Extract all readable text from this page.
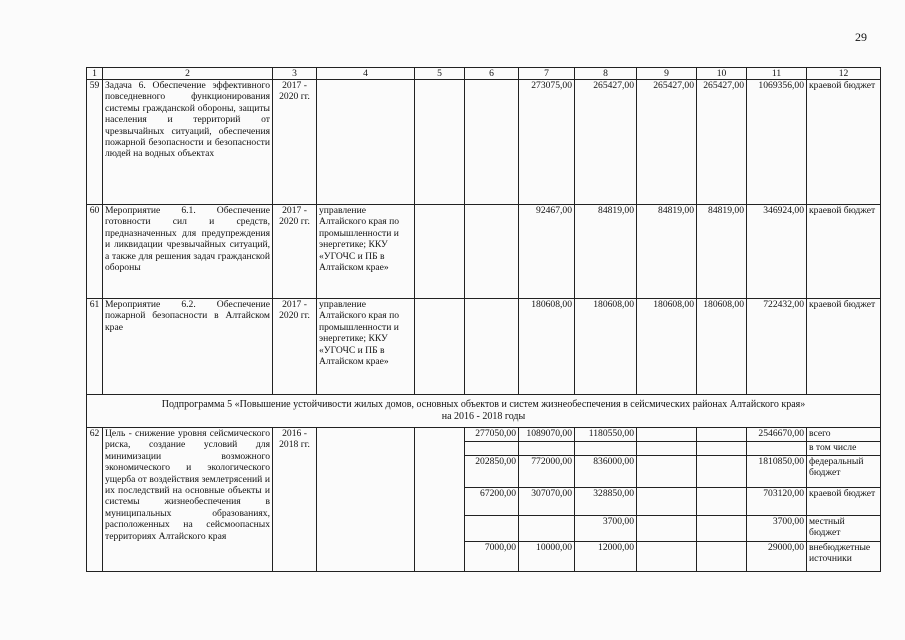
29
1	2	3	4	5	6	7	8	9	10	11	12
59	Задача 6. Обеспечение эффективного повседневного функционирования системы гражданской обороны, защиты населения и территорий от чрезвычайных ситуаций, обеспечения пожарной безопасности и безопасности людей на водных объектах	2017 - 2020 гг.				273075,00	265427,00	265427,00	265427,00	1069356,00	краевой бюджет
60	Мероприятие 6.1. Обеспечение готовности сил и средств, предназначенных для предупреждения и ликвидации чрезвычайных ситуаций, а также для решения задач гражданской обороны	2017 - 2020 гг.	управление Алтайского края по промышленности и энергетике; ККУ «УГОЧС и ПБ в Алтайском крае»			92467,00	84819,00	84819,00	84819,00	346924,00	краевой бюджет
61	Мероприятие 6.2. Обеспечение пожарной безопасности в Алтайском крае	2017 - 2020 гг.	управление Алтайского края по промышленности и энергетике; ККУ «УГОЧС и ПБ в Алтайском крае»			180608,00	180608,00	180608,00	180608,00	722432,00	краевой бюджет

Подпрограмма 5 «Повышение устойчивости жилых домов, основных объектов и систем жизнеобеспечения в сейсмических районах Алтайского края»
на 2016 - 2018 годы											

62	Цель - снижение уровня сейсмического риска, создание условий для минимизации возможного экономического и экологического ущерба от воздействия землетрясений и их последствий на основные объекты и системы жизнеобеспечения в муниципальных образованиях, расположенных на сейсмоопасных территориях Алтайского края	2016 - 2018 гг.			277050,00	1089070,00	1180550,00			2546670,00	всего
											в том числе
					202850,00	772000,00	836000,00			1810850,00	федеральный бюджет
					67200,00	307070,00	328850,00			703120,00	краевой бюджет
							3700,00			3700,00	местный бюджет
					7000,00	10000,00	12000,00			29000,00	внебюджетные источники
